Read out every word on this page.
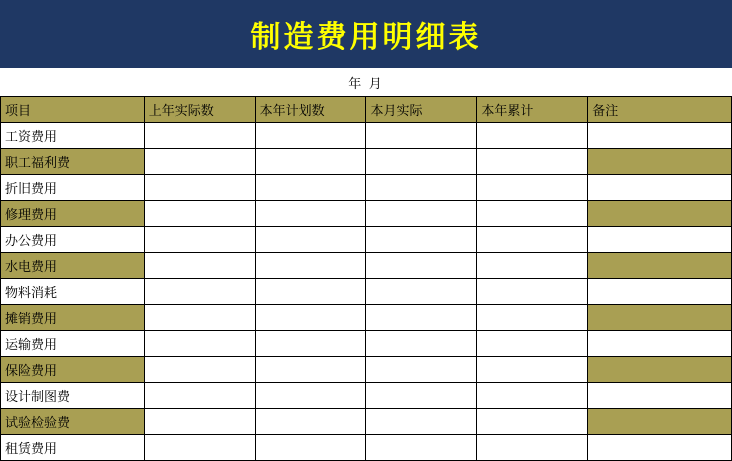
制造费用明细表
年 月
项目	上年实际数	本年计划数	本月实际	本年累计	备注
工资费用					
职工福利费					
折旧费用					
修理费用					
办公费用					
水电费用					
物料消耗					
摊销费用					
运输费用					
保险费用					
设计制图费					
试验检验费					
租赁费用					
